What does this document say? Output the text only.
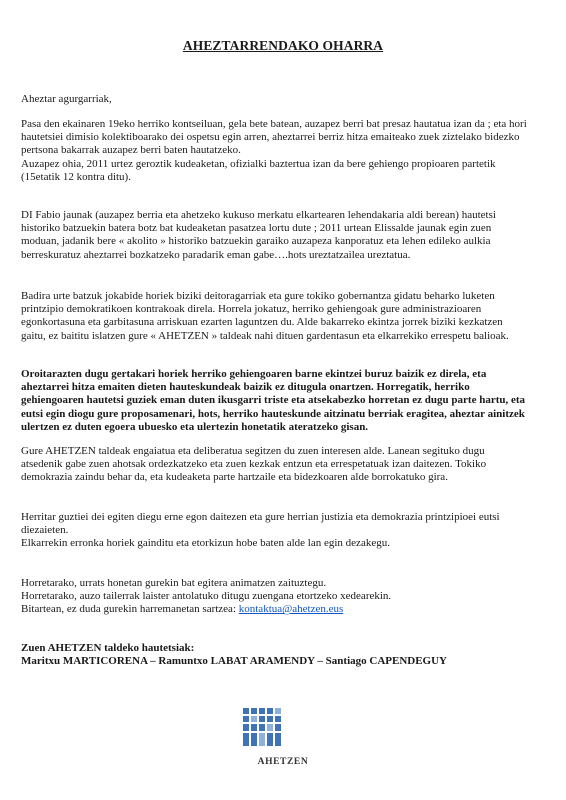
AHEZTARRENDAKO OHARRA

Aheztar agurgarriak,

Pasa den ekainaren 19eko herriko kontseiluan, gela bete batean, auzapez berri bat presaz hautatua izan da ; eta hori
hautetsiei dimisio kolektiboarako dei ospetsu egin arren, aheztarrei berriz hitza emaiteako zuek ziztelako bidezko
pertsona bakarrak auzapez berri baten hautatzeko.
Auzapez ohia, 2011 urtez geroztik kudeaketan, ofizialki baztertua izan da bere gehiengo propioaren partetik
(15etatik 12 kontra ditu).

DI Fabio jaunak (auzapez berria eta ahetzeko kukuso merkatu elkartearen lehendakaria aldi berean) hautetsi
historiko batzuekin batera botz bat kudeaketan pasatzea lortu dute ; 2011 urtean Elissalde jaunak egin zuen
moduan, jadanik bere « akolito » historiko batzuekin garaiko auzapeza kanporatuz eta lehen edileko aulkia
berreskuratuz aheztarrei bozkatzeko paradarik eman gabe….hots ureztatzailea ureztatua.

Badira urte batzuk jokabide horiek biziki deitoragarriak eta gure tokiko gobernantza gidatu beharko luketen
printzipio demokratikoen kontrakoak direla. Horrela jokatuz, herriko gehiengoak gure administrazioaren
egonkortasuna eta garbitasuna arriskuan ezarten laguntzen du. Alde bakarreko ekintza jorrek biziki kezkatzen
gaitu, ez baititu islatzen gure « AHETZEN » taldeak nahi dituen gardentasun eta elkarrekiko errespetu balioak.

Oroitarazten dugu gertakari horiek herriko gehiengoaren barne ekintzei buruz baizik ez direla, eta
aheztarrei hitza emaiten dieten hauteskundeak baizik ez ditugula onartzen. Horregatik, herriko
gehiengoaren hautetsi guziek eman duten ikusgarri triste eta atsekabezko horretan ez dugu parte hartu, eta
eutsi egin diogu gure proposamenari, hots, herriko hauteskunde aitzinatu berriak eragitea, aheztar ainitzek
ulertzen ez duten egoera ubuesko eta ulertezin honetatik ateratzeko gisan.

Gure AHETZEN taldeak engaiatua eta deliberatua segitzen du zuen interesen alde. Lanean segituko dugu
atsedenik gabe zuen ahotsak ordezkatzeko eta zuen kezkak entzun eta errespetatuak izan daitezen. Tokiko
demokrazia zaindu behar da, eta kudeaketa parte hartzaile eta bidezkoaren alde borrokatuko gira.

Herritar guztiei dei egiten diegu erne egon daitezen eta gure herrian justizia eta demokrazia printzipioei eutsi
diezaieten.
Elkarrekin erronka horiek gainditu eta etorkizun hobe baten alde lan egin dezakegu.

Horretarako, urrats honetan gurekin bat egitera animatzen zaituztegu.
Horretarako, auzo tailerrak laister antolatuko ditugu zuengana etortzeko xedearekin.
Bitartean, ez duda gurekin harremanetan sartzea: kontaktua@ahetzen.eus

Zuen AHETZEN taldeko hautetsiak:
Maritxu MARTICORENA – Ramuntxo LABAT ARAMENDY – Santiago CAPENDEGUY

AHETZEN
